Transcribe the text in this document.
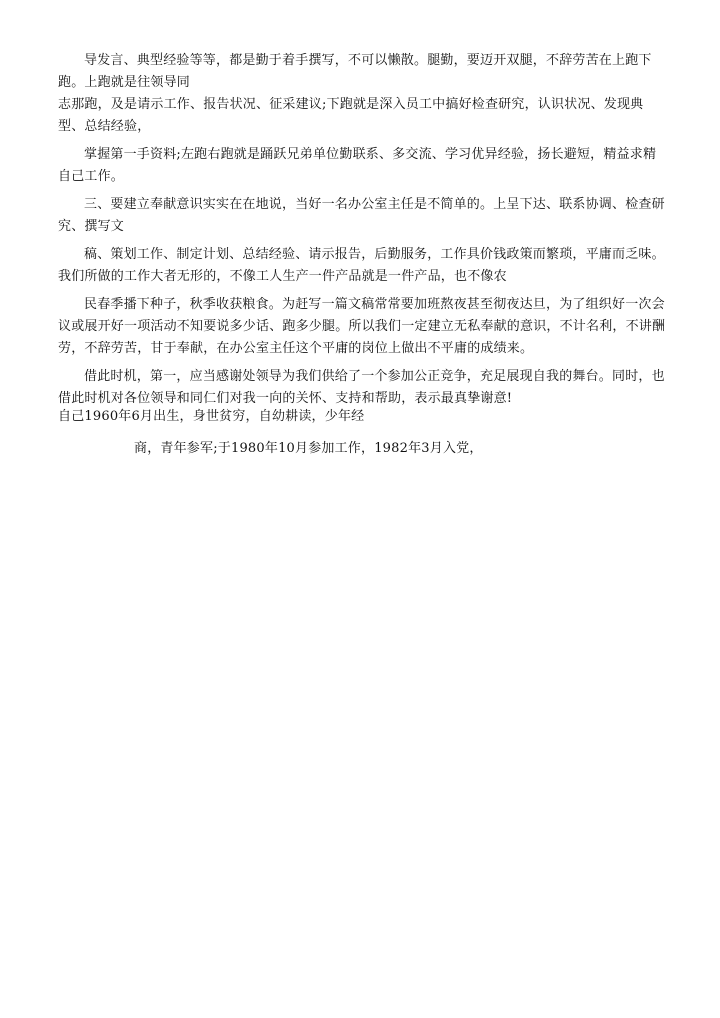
导发言、典型经验等等，都是勤于着手撰写，不可以懒散。腿勤，要迈开双腿，不辞劳苦在上跑下跑。上跑就是往领导同

志那跑，及是请示工作、报告状况、征采建议;下跑就是深入员工中搞好检查研究，认识状况、发现典型、总结经验，

掌握第一手资料;左跑右跑就是踊跃兄弟单位勤联系、多交流、学习优异经验，扬长避短，精益求精自己工作。

三、要建立奉献意识实实在在地说，当好一名办公室主任是不简单的。上呈下达、联系协调、检查研究、撰写文

稿、策划工作、制定计划、总结经验、请示报告，后勤服务，工作具价钱政策而繁琐，平庸而乏味。我们所做的工作大者无形的，不像工人生产一件产品就是一件产品，也不像农

民春季播下种子，秋季收获粮食。为赶写一篇文稿常常要加班熬夜甚至彻夜达旦，为了组织好一次会议或展开好一项活动不知要说多少话、跑多少腿。所以我们一定建立无私奉献的意识，不计名利，不讲酬劳，不辞劳苦，甘于奉献，在办公室主任这个平庸的岗位上做出不平庸的成绩来。

借此时机，第一，应当感谢处领导为我们供给了一个参加公正竞争，充足展现自我的舞台。同时，也借此时机对各位领导和同仁们对我一向的关怀、支持和帮助，表示最真挚谢意!

自己1960年6月出生，身世贫穷，自幼耕读，少年经

商，青年参军;于1980年10月参加工作，1982年3月入党，
